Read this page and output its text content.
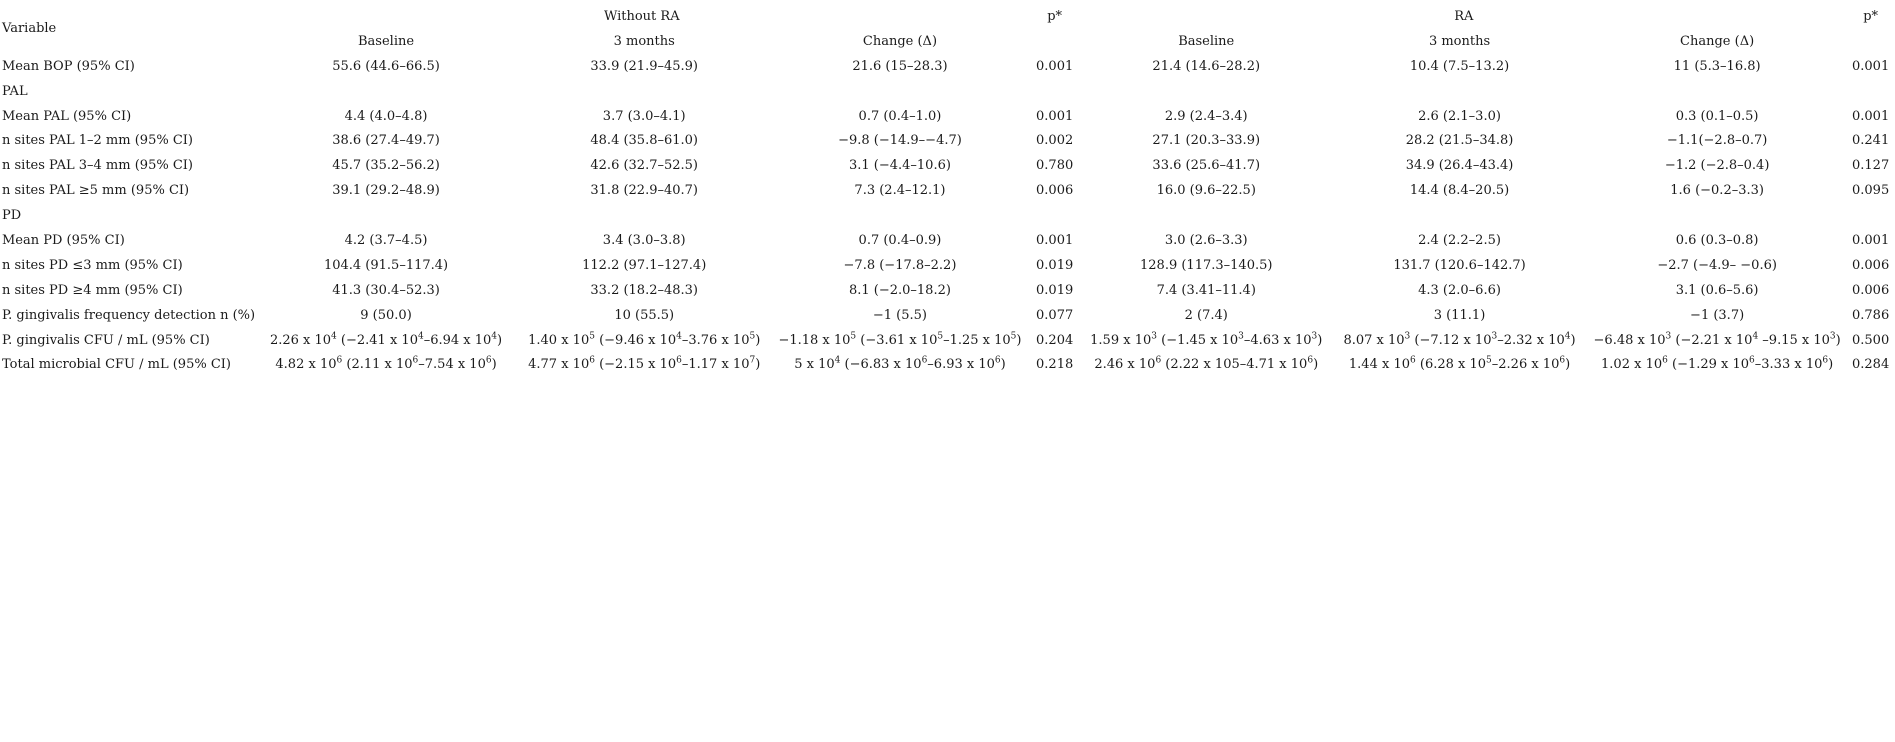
Variable	Without RA			p*	RA			p*
	Baseline	3 months	Change (Δ)		Baseline	3 months	Change (Δ)	
Mean BOP (95% CI)	55.6 (44.6–66.5)	33.9 (21.9–45.9)	21.6 (15–28.3)	0.001	21.4 (14.6–28.2)	10.4 (7.5–13.2)	11 (5.3–16.8)	0.001
PAL								
Mean PAL (95% CI)	4.4 (4.0–4.8)	3.7 (3.0–4.1)	0.7 (0.4–1.0)	0.001	2.9 (2.4–3.4)	2.6 (2.1–3.0)	0.3 (0.1–0.5)	0.001
n sites PAL 1–2 mm (95% CI)	38.6 (27.4–49.7)	48.4 (35.8–61.0)	−9.8 (−14.9–−4.7)	0.002	27.1 (20.3–33.9)	28.2 (21.5–34.8)	−1.1(−2.8–0.7)	0.241
n sites PAL 3–4 mm (95% CI)	45.7 (35.2–56.2)	42.6 (32.7–52.5)	3.1 (−4.4–10.6)	0.780	33.6 (25.6–41.7)	34.9 (26.4–43.4)	−1.2 (−2.8–0.4)	0.127
n sites PAL ≥5 mm (95% CI)	39.1 (29.2–48.9)	31.8 (22.9–40.7)	7.3 (2.4–12.1)	0.006	16.0 (9.6–22.5)	14.4 (8.4–20.5)	1.6 (−0.2–3.3)	0.095
PD								
Mean PD (95% CI)	4.2 (3.7–4.5)	3.4 (3.0–3.8)	0.7 (0.4–0.9)	0.001	3.0 (2.6–3.3)	2.4 (2.2–2.5)	0.6 (0.3–0.8)	0.001
n sites PD ≤3 mm (95% CI)	104.4 (91.5–117.4)	112.2 (97.1–127.4)	−7.8 (−17.8–2.2)	0.019	128.9 (117.3–140.5)	131.7 (120.6–142.7)	−2.7 (−4.9– −0.6)	0.006
n sites PD ≥4 mm (95% CI)	41.3 (30.4–52.3)	33.2 (18.2–48.3)	8.1 (−2.0–18.2)	0.019	7.4 (3.41–11.4)	4.3 (2.0–6.6)	3.1 (0.6–5.6)	0.006
P. gingivalis frequency detection n (%)	9 (50.0)	10 (55.5)	−1 (5.5)	0.077	2 (7.4)	3 (11.1)	−1 (3.7)	0.786
P. gingivalis CFU / mL (95% CI)	2.26 x $10^4$ (−2.41 x $10^4-6.94$ x $10^4$)	1.40 x $10^5$ (−9.46 x $10^4-3.76$ x $10^5$)	−1.18 x $10^5$ (−3.61 x $10^5-1.25$ x $10^5$)	0.204	1.59 x $10^3$ (−1.45 x $10^3-4.63$ x $10^3$)	8.07 x $10^3$ (−7.12 x $10^3-2.32$ x $10^4$)	−6.48 x $10^3$ (−2.21 x $10^4$ –9.15 x $10^3$)	0.500
Total microbial CFU / mL (95% CI)	4.82 x $10^6$ (2.11 x $10^6-7.54$ x $10^6$)	4.77 x $10^6$ (−2.15 x $10^6-1.17$ x $10^7$)	5 x $10^4$ (−6.83 x $10^6-6.93$ x $10^6$)	0.218	2.46 x $10^6$ (2.22 x 105–4.71 x $10^6$)	1.44 x $10^6$ (6.28 x $10^5-2.26$ x $10^6$)	1.02 x $10^6$ (−1.29 x $10^6-3.33$ x $10^6$)	0.284
